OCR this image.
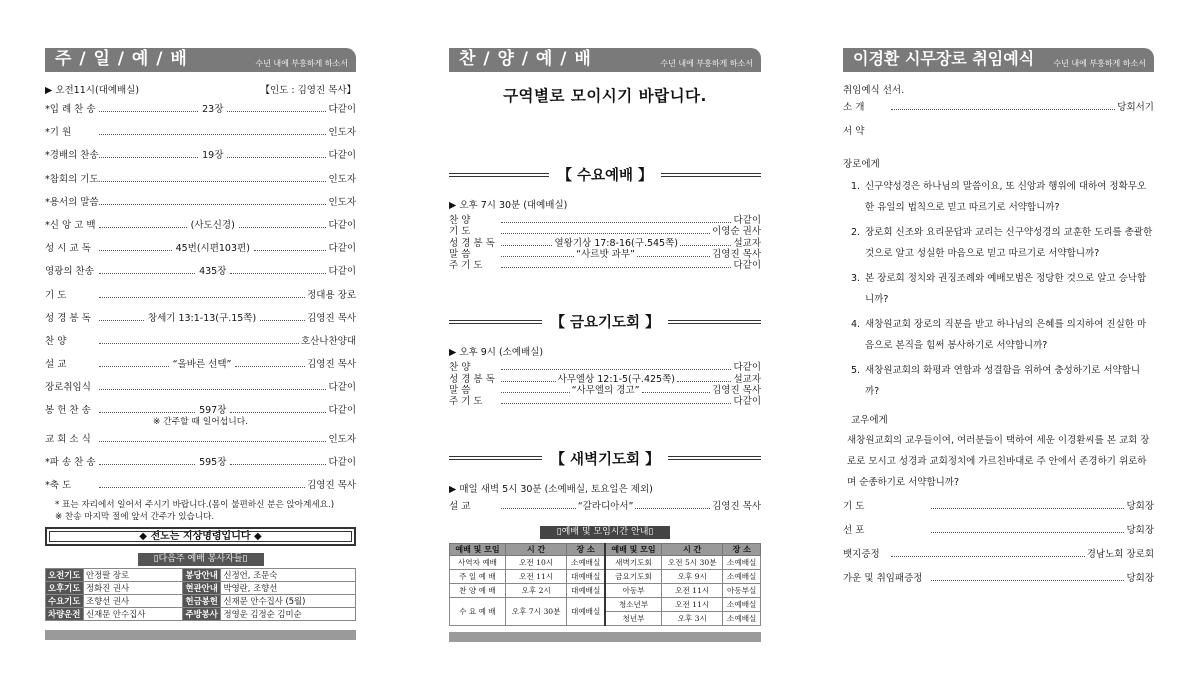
주 / 일 / 예 / 배	수년 내에 부흥하게 하소서
▶ 오전11시(대예배실)	【인도 : 김영진 목사】
*입 례 찬 송	23장	다같이
*기 원	인도자
*경배의 찬송	19장	다같이
*참회의 기도	인도자
*용서의 말씀	인도자
*신 앙 고 백	(사도신경)	다같이
성 시 교 독	45번(시편103편)	다같이
영광의 찬송	435장	다같이
기 도	정대용 장로
성 경 봉 독	창세기 13:1-13(구.15쪽)	김영진 목사
찬 양	호산나찬양대
설 교	“올바른 선택”	김영진 목사
장로취임식	다같이
봉 헌 찬 송	597장	다같이
※ 간주할 때 일어섭니다.
교 회 소 식	인도자
*파 송 찬 송	595장	다같이
*축 도	김영진 목사
* 표는 자리에서 일어서 주시기 바랍니다.(몸이 불편하신 분은 앉아계세요.)
※ 찬송 마지막 절에 앞서 간주가 있습니다.
◆ 전도는 지상명령입니다 ◆
▯다음주 예배 봉사자들▯
오전기도	안정팔 장로	봉당안내	신정언, 조문숙
오후기도	정화진 권사	현관안내	박영란, 조향선
수요기도	조향선 권사	헌금봉헌	신재문 안수집사 (5월)
차량운전	신재문 안수집사	주방봉사	정영운 김정순 김미순
찬 / 양 / 예 / 배	수년 내에 부흥하게 하소서
구역별로 모이시기 바랍니다.
【 수요예배 】
▶ 오후 7시 30분 (대예배실)
찬 양	다같이
기 도	이영순 권사
성 경 봉 독	열왕기상 17:8-16(구.545쪽)	설교자
말 씀	“사르밧 과부”	김영진 목사
주 기 도	다같이
【 금요기도회 】
▶ 오후 9시 (소예배실)
찬 양	다같이
성 경 봉 독	사무엘상 12:1-5(구.425쪽)	설교자
말 씀	“사무엘의 경고”	김영진 목사
주 기 도	다같이
【 새벽기도회 】
▶ 매일 새벽 5시 30분 (소예배실, 토요일은 제외)
설 교	“갈라디아서”	김영진 목사
▯예배 및 모임시간 안내▯
예배 및 모임	시 간	장 소	예배 및 모임	시 간	장 소
사역자 예배	오전 10시	소예배실	새벽기도회	오전 5시 30분	소예배실
주 일 예 배	오전 11시	대예배실	금요기도회	오후 9시	소예배실
찬 양 예 배	오후 2시	대예배실	아동부	오전 11시	아동부실
수 요 예 배	오후 7시 30분	대예배실	청소년부	오전 11시	소예배실
			청년부	오후 3시	소예배실
이경환 시무장로 취임예식 수년 내에 부흥하게 하소서
취임예식 선서.
소 개	당회서기
서 약
장로에게
1. 신구약성경은 하나님의 말씀이요, 또 신앙과 행위에 대하여 정확무오한 유일의 법칙으로 믿고 따르기로 서약합니까?
2. 장로회 신조와 요리문답과 교리는 신구약성경의 교훈한 도리를 총괄한 것으로 알고 성실한 마음으로 믿고 따르기로 서약합니까?
3. 본 장로회 정치와 권징조례와 예배모범은 정당한 것으로 알고 승낙합니까?
4. 새창원교회 장로의 직분을 받고 하나님의 은혜를 의지하여 진실한 마음으로 본직을 힘써 봉사하기로 서약합니까?
5. 새창원교회의 화평과 연합과 성결함을 위하여 충성하기로 서약합니까?
교우에게
새창원교회의 교우들이여, 여러분들이 택하여 세운 이경환씨를 본 교회 장로로 모시고 성경과 교회정치에 가르친바대로 주 안에서 존경하기 위로하며 순종하기로 서약합니까?
기 도	당회장
선 포	당회장
뱃지증정	경남노회 장로회
가운 및 취임패증정	당회장
